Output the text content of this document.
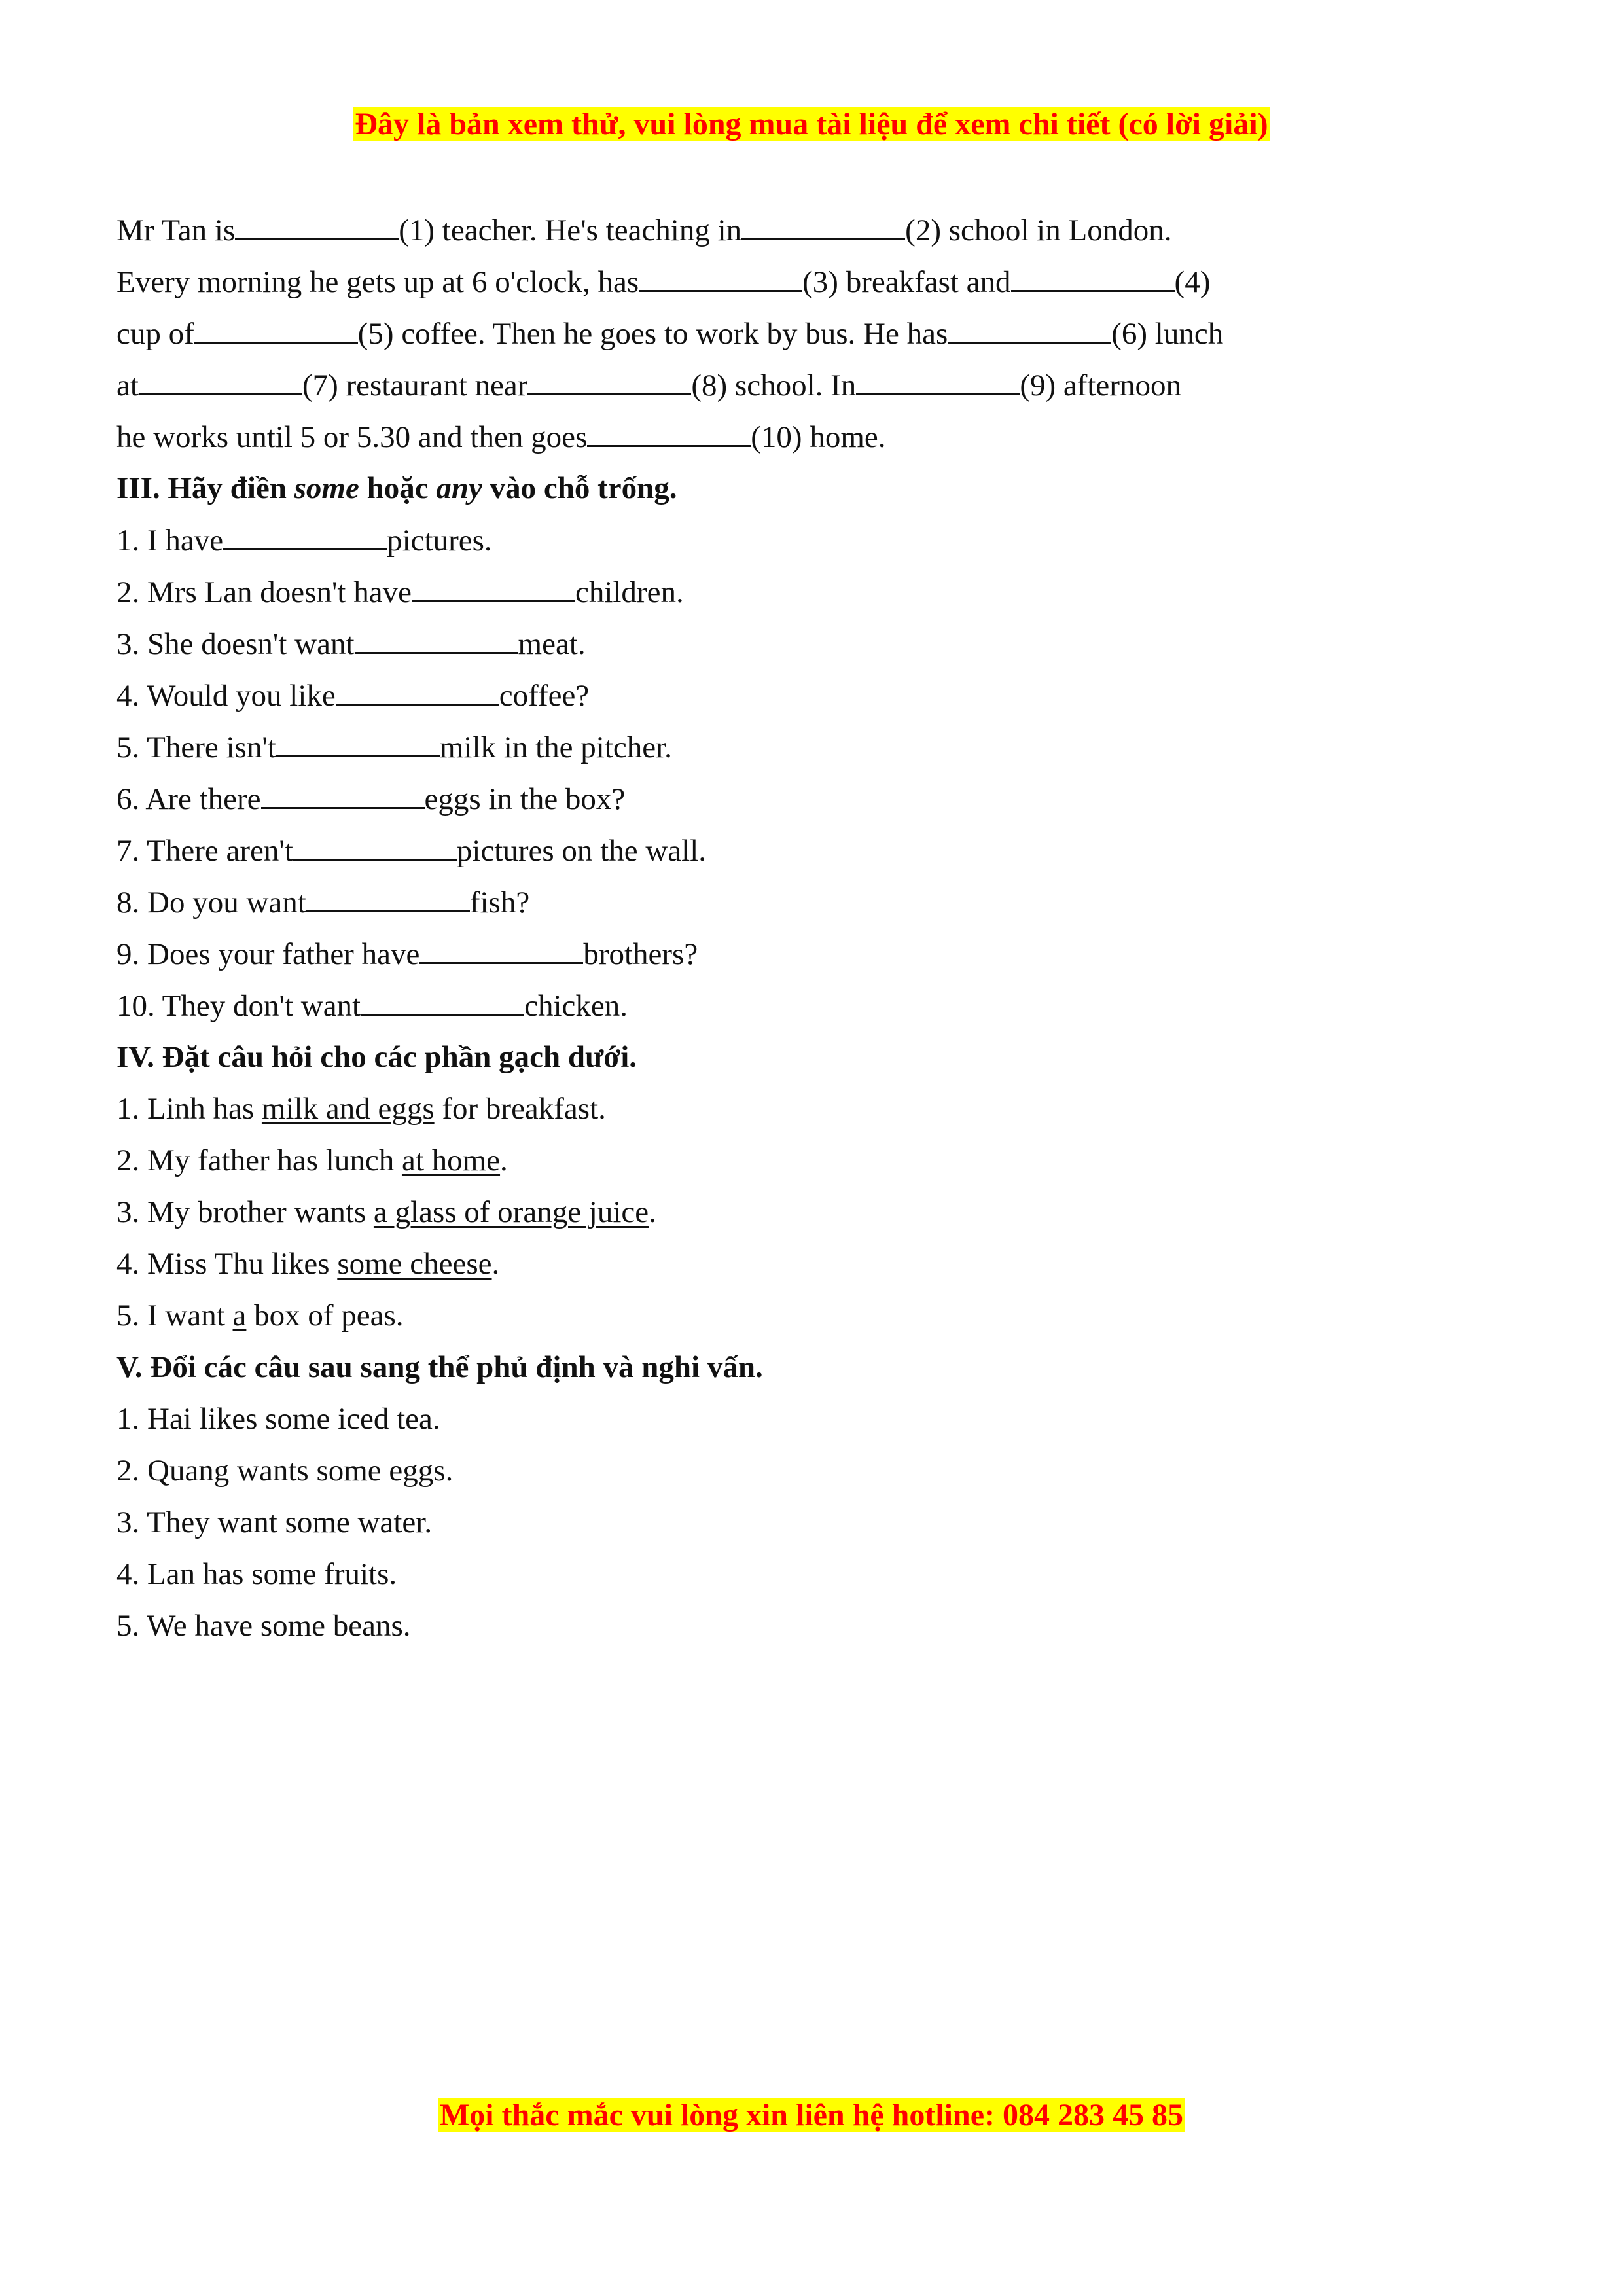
Đây là bản xem thử, vui lòng mua tài liệu để xem chi tiết (có lời giải)
Mr Tan is	(1) teacher. He's teaching in	(2) school in London.
Every morning he gets up at 6 o'clock, has	(3) breakfast and	(4)
cup of	(5) coffee. Then he goes to work by bus. He has	(6) lunch
at	(7) restaurant near	(8) school. In	(9) afternoon
he works until 5 or 5.30 and then goes	(10) home.
III. Hãy điền some hoặc any vào chỗ trống.
1. I have	pictures.
2. Mrs Lan doesn't have	children.
3. She doesn't want	meat.
4. Would you like	coffee?
5. There isn't	milk in the pitcher.
6. Are there	eggs in the box?
7. There aren't	pictures on the wall.
8. Do you want	fish?
9. Does your father have	brothers?
10. They don't want	chicken.
IV. Đặt câu hỏi cho các phần gạch dưới.
1. Linh has milk and eggs for breakfast.
2. My father has lunch at home.
3. My brother wants a glass of orange juice.
4. Miss Thu likes some cheese.
5. I want a box of peas.
V. Đổi các câu sau sang thể phủ định và nghi vấn.
1. Hai likes some iced tea.
2. Quang wants some eggs.
3. They want some water.
4. Lan has some fruits.
5. We have some beans.
Mọi thắc mắc vui lòng xin liên hệ hotline: 084 283 45 85
